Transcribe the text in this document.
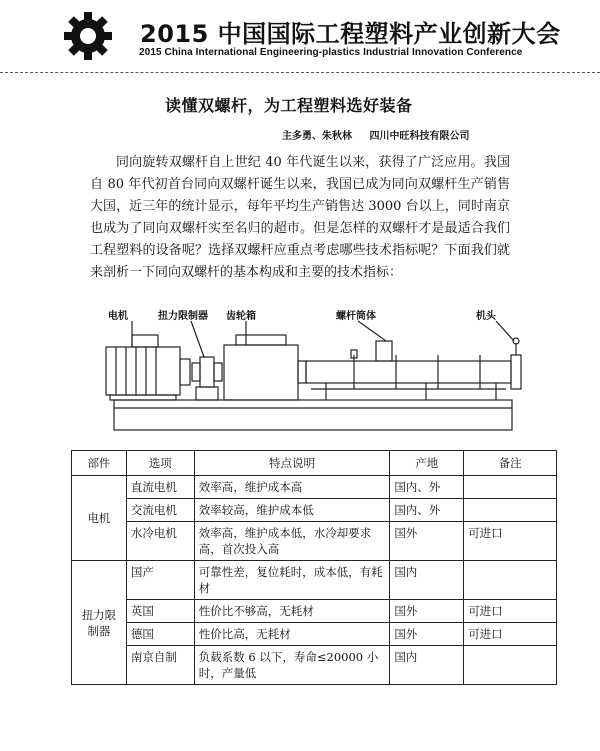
2015 中国国际工程塑料产业创新大会
2015 China International Engineering-plastics Industrial Innovation Conference
读懂双螺杆，为工程塑料选好装备
主多勇、朱秋林 四川中旺科技有限公司

同向旋转双螺杆自上世纪 40 年代诞生以来，获得了广泛应用。我国自 80 年代初首台同向双螺杆诞生以来，我国已成为同向双螺杆生产销售大国，近三年的统计显示，每年平均生产销售达 3000 台以上，同时南京也成为了同向双螺杆实至名归的超市。但是怎样的双螺杆才是最适合我们工程塑料的设备呢？选择双螺杆应重点考虑哪些技术指标呢？下面我们就来剖析一下同向双螺杆的基本构成和主要的技术指标：

电机	扭力限制器 齿轮箱	螺杆筒体	机头
部件	选项	特点说明	产地	备注
电机	直流电机	效率高，维护成本高	国内、外	
	交流电机	效率较高，维护成本低	国内、外	
	水冷电机	效率高，维护成本低，水冷却要求高，首次投入高	国外	可进口
扭力限制器	国产	可靠性差，复位耗时，成本低，有耗材	国内	
	英国	性价比不够高，无耗材	国外	可进口
	德国	性价比高，无耗材	国外	可进口
	南京自制	负载系数 6 以下，寿命≤20000 小时，产量低	国内	
